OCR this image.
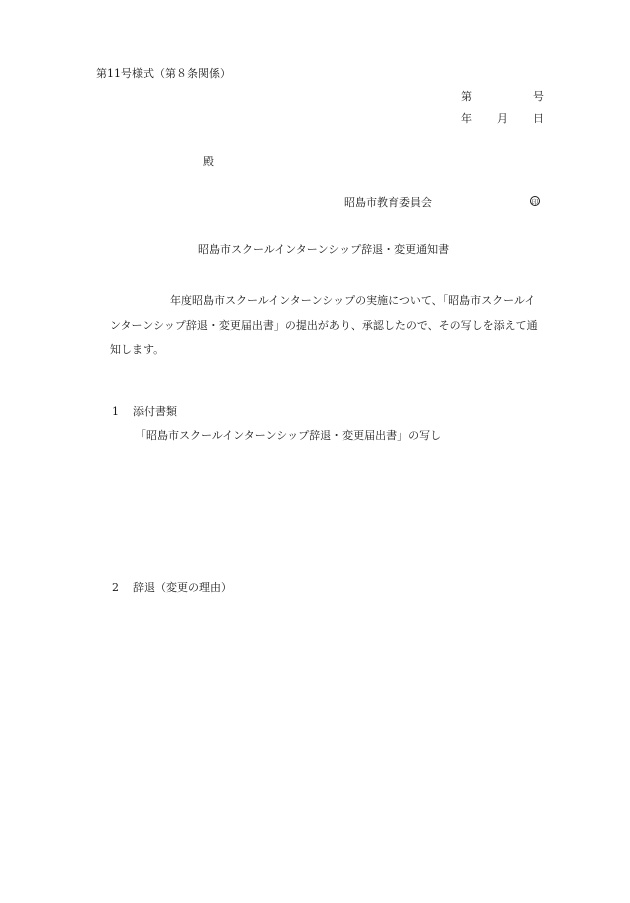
第11号様式（第８条関係）
第	号
年 月 日
殿
昭島市教育委員会	印
昭島市スクールインターンシップ辞退・変更通知書
年度昭島市スクールインターンシップの実施について、「昭島市スクールイ
ンターンシップ辞退・変更届出書」の提出があり、承認したので、その写しを添えて通
知します。
1 添付書類
「昭島市スクールインターンシップ辞退・変更届出書」の写し
2 辞退（変更の理由）
